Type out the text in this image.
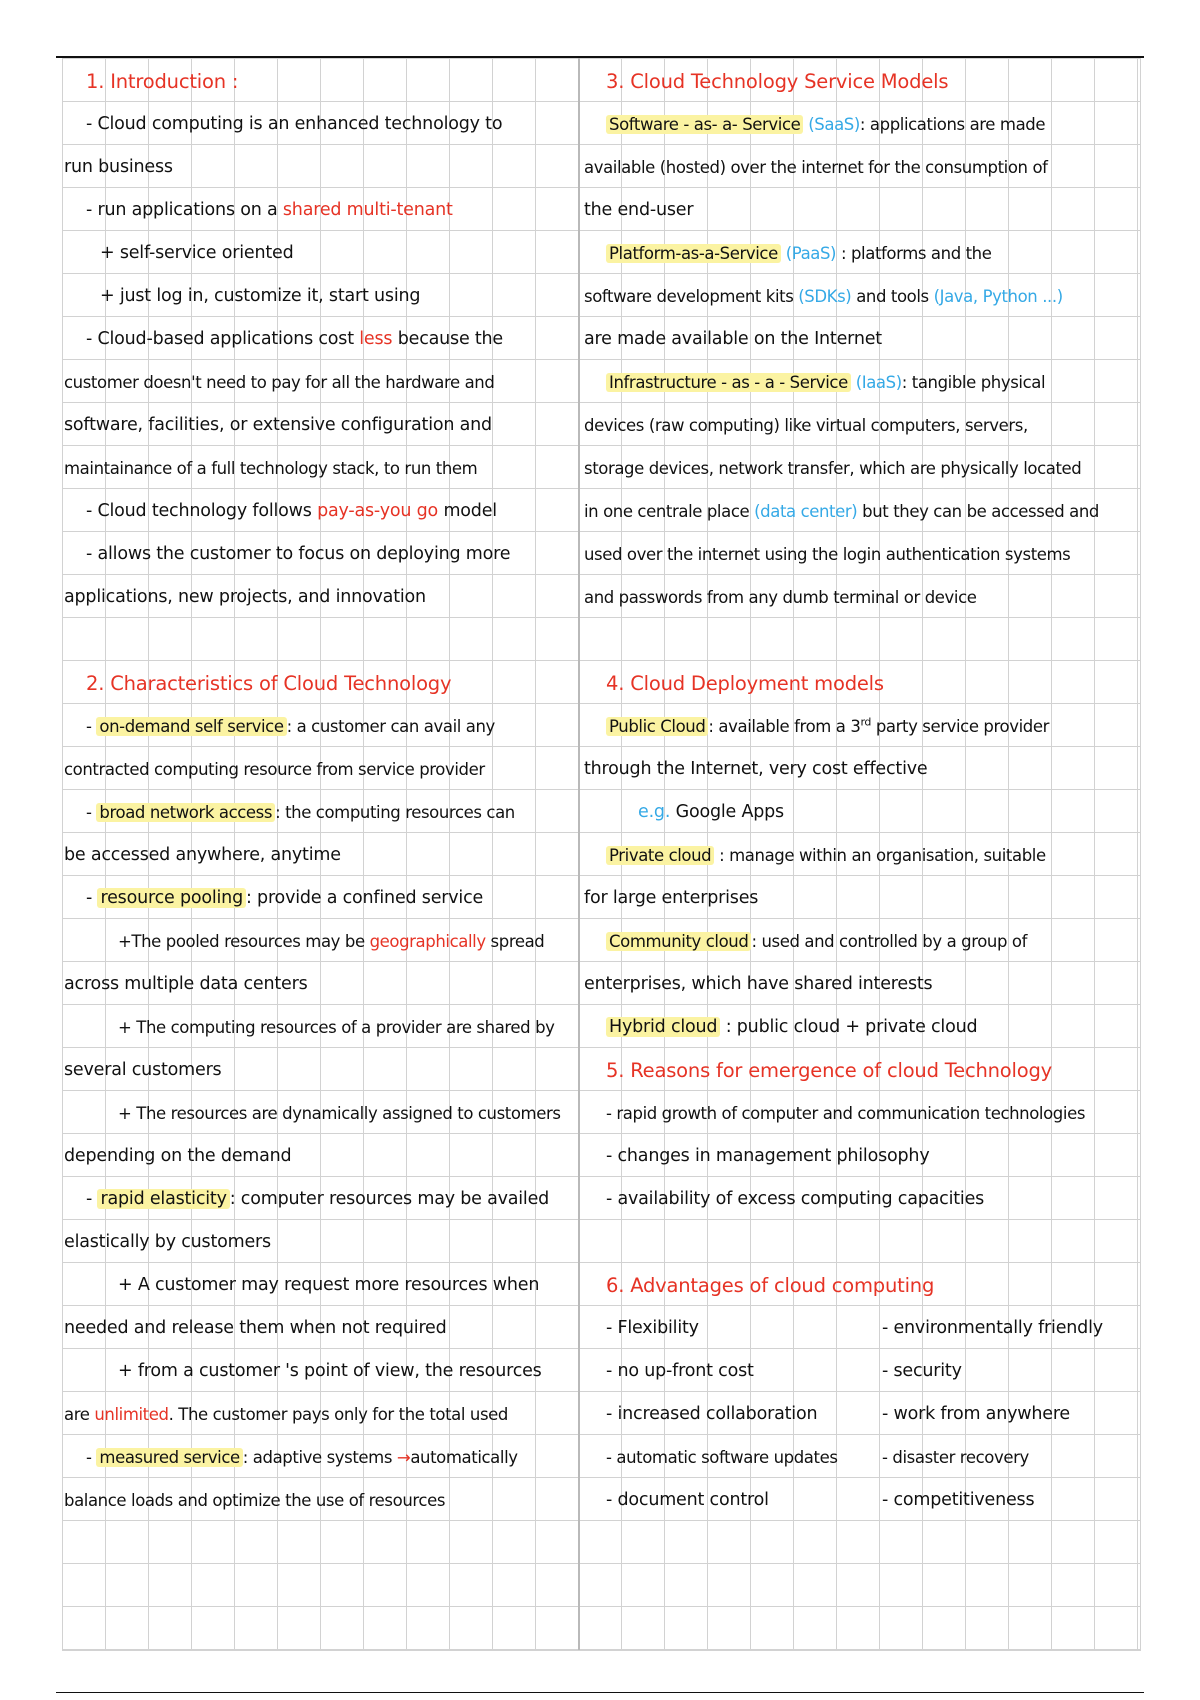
1. Introduction :
- Cloud computing is an enhanced technology to
run business
- run applications on a shared multi-tenant
+ self-service oriented
+ just log in, customize it, start using
- Cloud-based applications cost less because the
customer doesn't need to pay for all the hardware and
software, facilities, or extensive configuration and
maintainance of a full technology stack, to run them
- Cloud technology follows pay-as-you go model
- allows the customer to focus on deploying more
applications, new projects, and innovation
2. Characteristics of Cloud Technology
- on-demand self service : a customer can avail any
contracted computing resource from service provider
- broad network access : the computing resources can
be accessed anywhere, anytime
- resource pooling : provide a confined service
+The pooled resources may be geographically spread
across multiple data centers
+ The computing resources of a provider are shared by
several customers
+ The resources are dynamically assigned to customers
depending on the demand
- rapid elasticity : computer resources may be availed
elastically by customers
+ A customer may request more resources when
needed and release them when not required
+ from a customer 's point of view, the resources
are unlimited. The customer pays only for the total used
- measured service : adaptive systems →automatically
balance loads and optimize the use of resources
3. Cloud Technology Service Models
Software - as- a- Service (SaaS): applications are made
available (hosted) over the internet for the consumption of
the end-user
Platform-as-a-Service (PaaS) : platforms and the
software development kits (SDKs) and tools (Java, Python ...)
are made available on the Internet
Infrastructure - as - a - Service (IaaS): tangible physical
devices (raw computing) like virtual computers, servers,
storage devices, network transfer, which are physically located
in one centrale place (data center) but they can be accessed and
used over the internet using the login authentication systems
and passwords from any dumb terminal or device
4. Cloud Deployment models
Public Cloud : available from a 3rd party service provider
through the Internet, very cost effective
e.g. Google Apps
Private cloud : manage within an organisation, suitable
for large enterprises
Community cloud : used and controlled by a group of
enterprises, which have shared interests
Hybrid cloud : public cloud + private cloud
5. Reasons for emergence of cloud Technology
- rapid growth of computer and communication technologies
- changes in management philosophy
- availability of excess computing capacities
6. Advantages of cloud computing
- Flexibility	- environmentally friendly
- no up-front cost	- security
- increased collaboration	- work from anywhere
- automatic software updates	- disaster recovery
- document control	- competitiveness
